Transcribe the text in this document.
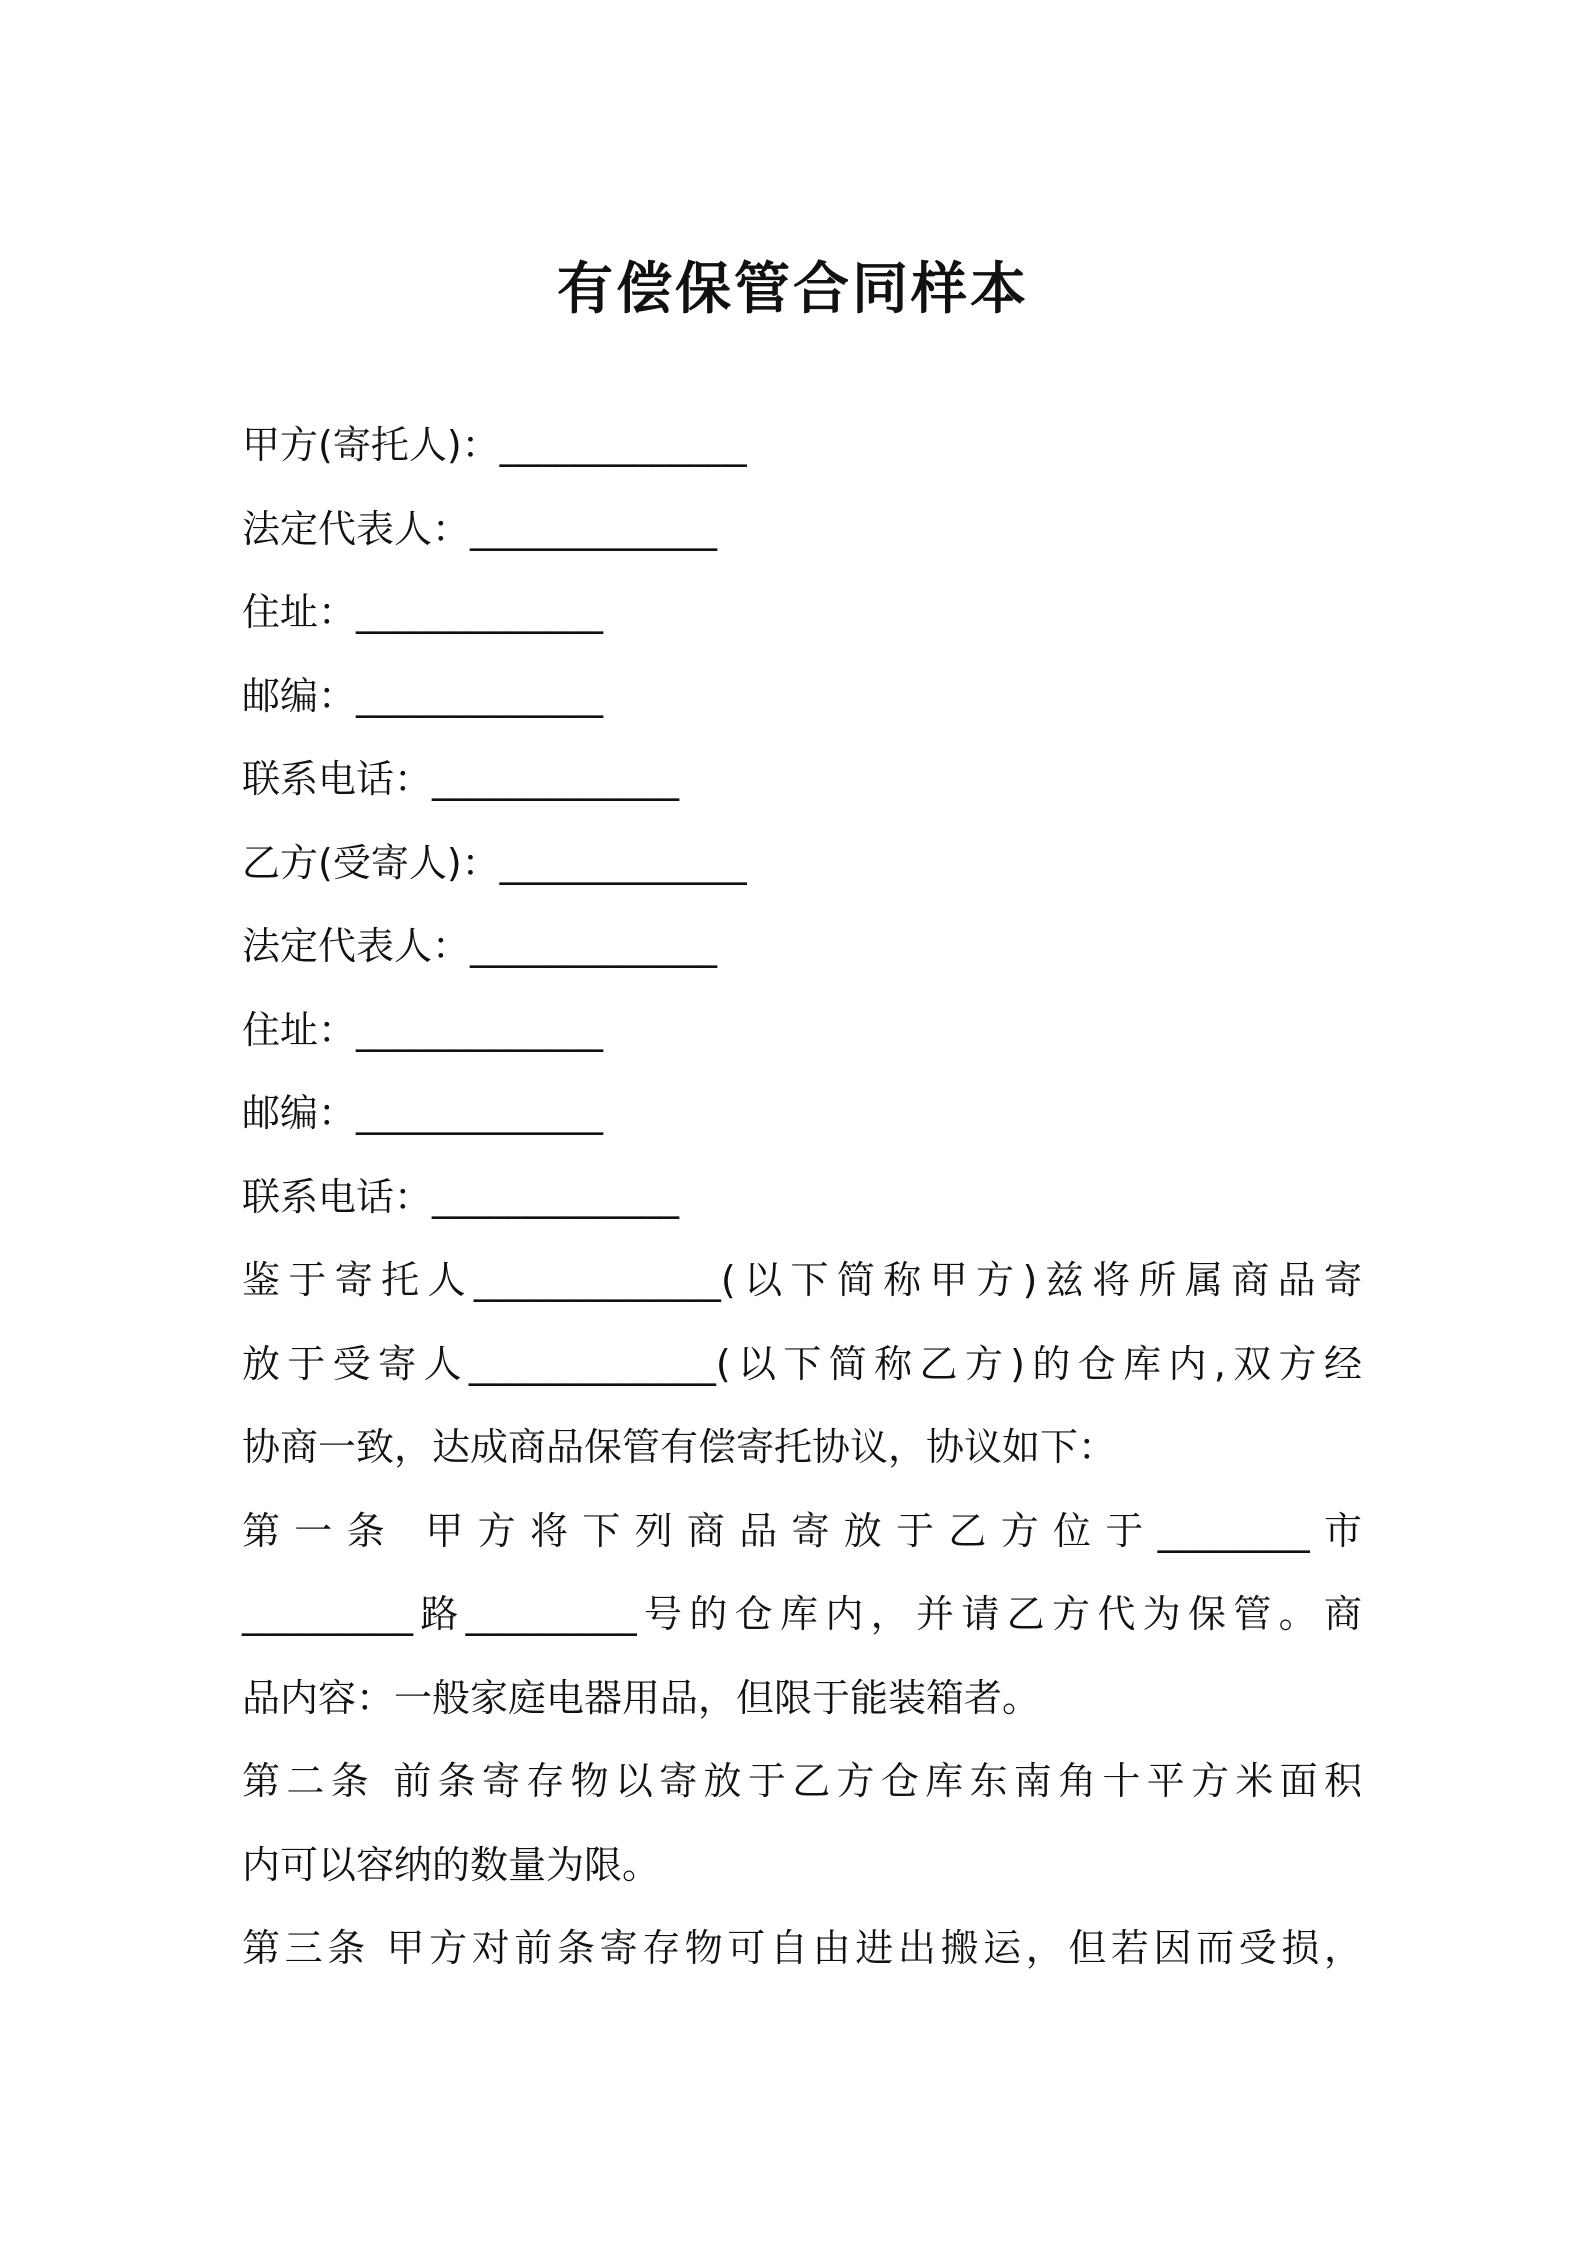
有偿保管合同样本
甲方(寄托人)：_____________
法定代表人：_____________
住址：_____________
邮编：_____________
联系电话：_____________
乙方(受寄人)：_____________
法定代表人：_____________
住址：_____________
邮编：_____________
联系电话：_____________
鉴于寄托人_____________(以下简称甲方)兹将所属商品寄
放于受寄人_____________(以下简称乙方)的仓库内,双方经
协商一致，达成商品保管有偿寄托协议，协议如下：
第一条 甲方将下列商品寄放于乙方位于________市
_________路_________号的仓库内，并请乙方代为保管。商
品内容：一般家庭电器用品，但限于能装箱者。
第二条 前条寄存物以寄放于乙方仓库东南角十平方米面积
内可以容纳的数量为限。
第三条 甲方对前条寄存物可自由进出搬运，但若因而受损，
